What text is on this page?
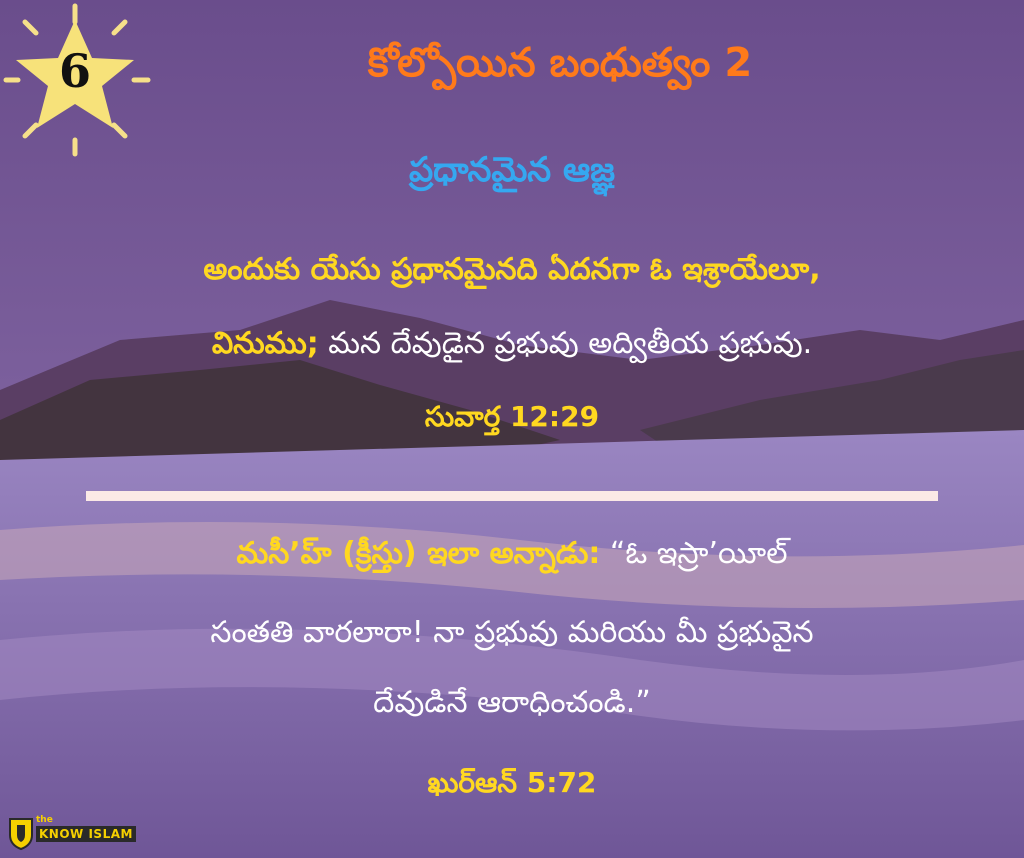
6	కోల్పోయిన బంధుత్వం 2
ప్రధానమైన ఆజ్ఞ
అందుకు యేసు ప్రధానమైనది ఏదనగా ఓ ఇశ్రాయేలూ,
వినుము; మన దేవుడైన ప్రభువు అద్వితీయ ప్రభువు.
సువార్త 12:29
మసీ’హ్ (క్రీస్తు) ఇలా అన్నాడు: “ఓ ఇస్రా’యీల్
సంతతి వారలారా! నా ప్రభువు మరియు మీ ప్రభువైన
దేవుడినే ఆరాధించండి.”
ఖుర్ఆన్ 5:72
the
KNOW ISLAM
